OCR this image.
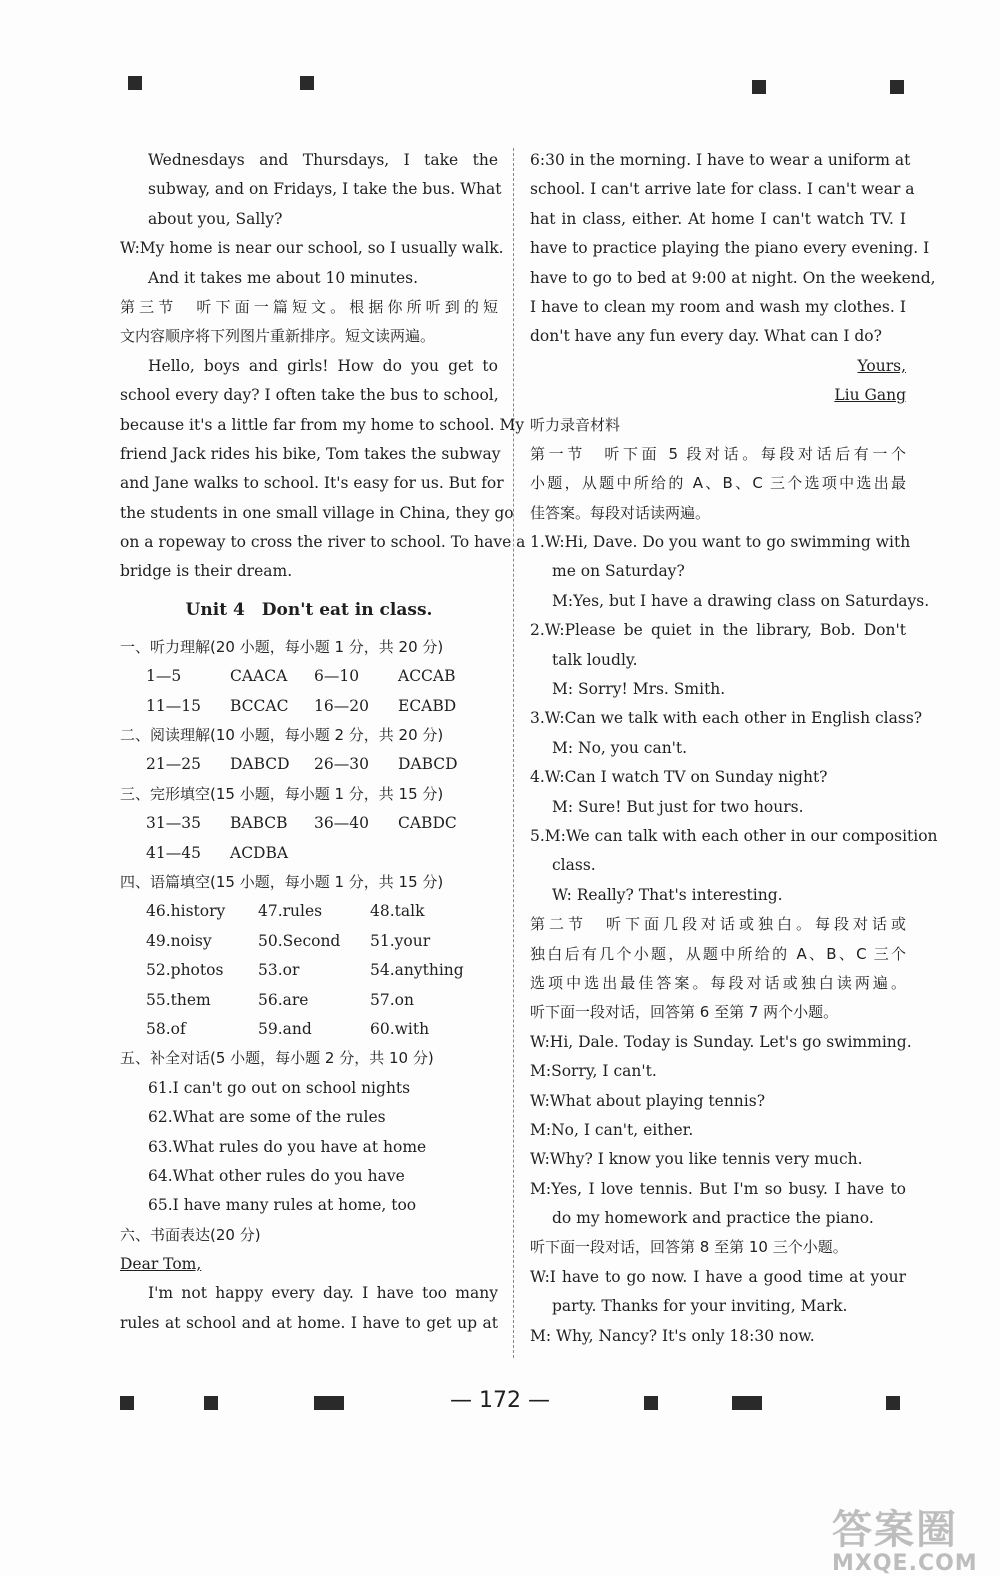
Wednesdays and Thursdays, I take the
subway, and on Fridays, I take the bus. What
about you, Sally?
W:My home is near our school, so I usually walk.
And it takes me about 10 minutes.
第三节　听下面一篇短文。根据你所听到的短
文内容顺序将下列图片重新排序。短文读两遍。
Hello, boys and girls! How do you get to
school every day? I often take the bus to school,
because it's a little far from my home to school. My
friend Jack rides his bike, Tom takes the subway
and Jane walks to school. It's easy for us. But for
the students in one small village in China, they go
on a ropeway to cross the river to school. To have a
bridge is their dream.
Unit 4　Don't eat in class.
一、听力理解(20 小题，每小题 1 分，共 20 分)
1—5	CAACA	6—10	ACCAB
11—15	BCCAC	16—20	ECABD
二、阅读理解(10 小题，每小题 2 分，共 20 分)
21—25	DABCD	26—30	DABCD
三、完形填空(15 小题，每小题 1 分，共 15 分)
31—35	BABCB	36—40	CABDC
41—45	ACDBA
四、语篇填空(15 小题，每小题 1 分，共 15 分)
46.history	47.rules	48.talk
49.noisy	50.Second	51.your
52.photos	53.or	54.anything
55.them	56.are	57.on
58.of	59.and	60.with
五、补全对话(5 小题，每小题 2 分，共 10 分)
61.I can't go out on school nights
62.What are some of the rules
63.What rules do you have at home
64.What other rules do you have
65.I have many rules at home, too
六、书面表达(20 分)
Dear Tom,
I'm not happy every day. I have too many
rules at school and at home. I have to get up at
6:30 in the morning. I have to wear a uniform at
school. I can't arrive late for class. I can't wear a
hat in class, either. At home I can't watch TV. I
have to practice playing the piano every evening. I
have to go to bed at 9:00 at night. On the weekend,
I have to clean my room and wash my clothes. I
don't have any fun every day. What can I do?
Yours,
Liu Gang
听力录音材料
第一节　听下面 5 段对话。每段对话后有一个
小题，从题中所给的 A、B、C 三个选项中选出最
佳答案。每段对话读两遍。
1.W:Hi, Dave. Do you want to go swimming with
me on Saturday?
M:Yes, but I have a drawing class on Saturdays.
2.W:Please be quiet in the library, Bob. Don't
talk loudly.
M: Sorry! Mrs. Smith.
3.W:Can we talk with each other in English class?
M: No, you can't.
4.W:Can I watch TV on Sunday night?
M: Sure! But just for two hours.
5.M:We can talk with each other in our composition
class.
W: Really? That's interesting.
第二节　听下面几段对话或独白。每段对话或
独白后有几个小题，从题中所给的 A、B、C 三个
选项中选出最佳答案。每段对话或独白读两遍。
听下面一段对话，回答第 6 至第 7 两个小题。
W:Hi, Dale. Today is Sunday. Let's go swimming.
M:Sorry, I can't.
W:What about playing tennis?
M:No, I can't, either.
W:Why? I know you like tennis very much.
M:Yes, I love tennis. But I'm so busy. I have to
do my homework and practice the piano.
听下面一段对话，回答第 8 至第 10 三个小题。
W:I have to go now. I have a good time at your
party. Thanks for your inviting, Mark.
M: Why, Nancy? It's only 18:30 now.
— 172 —
答案圈
MXQE.COM
